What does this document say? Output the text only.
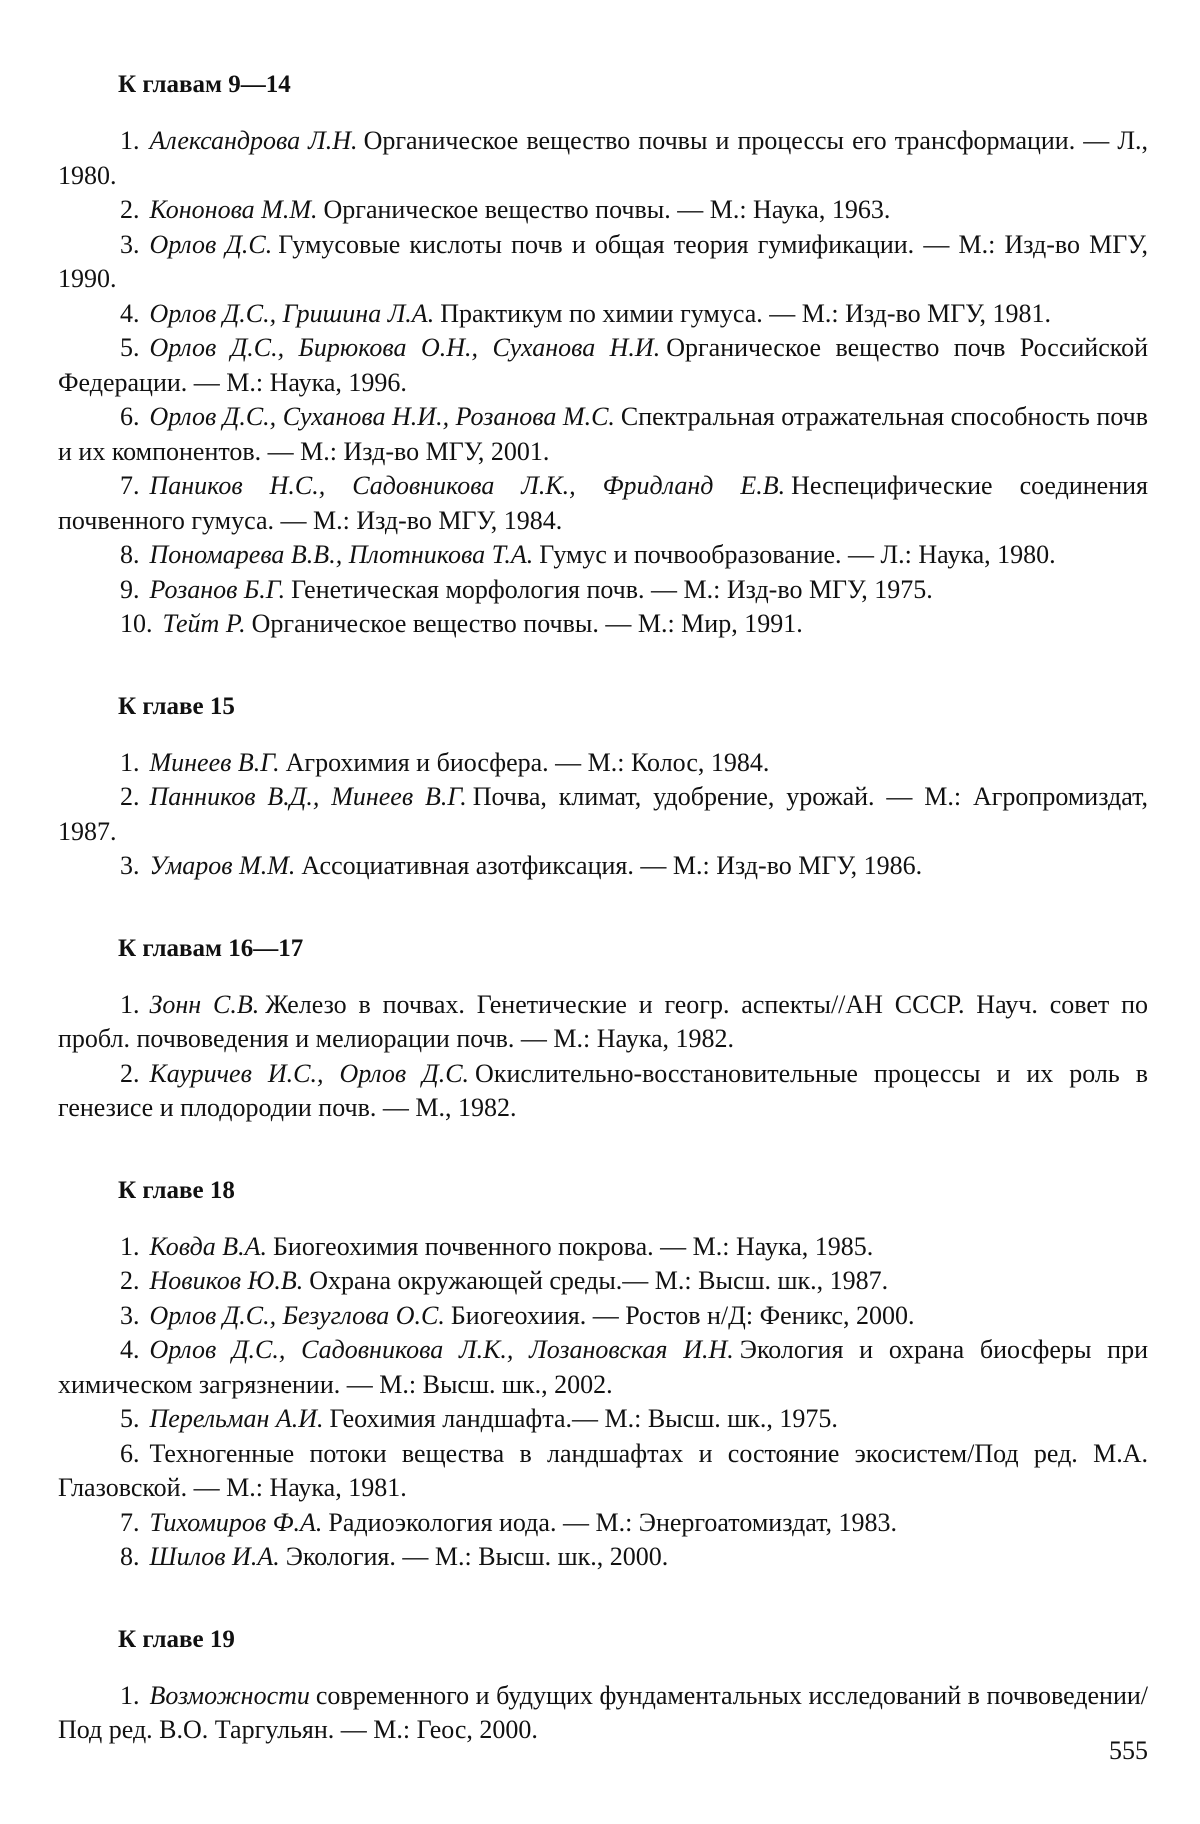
К главам 9—14

1. Александрова Л.Н. Органическое вещество почвы и процессы его трансформации. — Л., 1980.

2. Кононова М.М. Органическое вещество почвы. — М.: Наука, 1963.

3. Орлов Д.С. Гумусовые кислоты почв и общая теория гумификации. — М.: Изд-во МГУ, 1990.

4. Орлов Д.С., Гришина Л.А. Практикум по химии гумуса. — М.: Изд-во МГУ, 1981.

5. Орлов Д.С., Бирюкова О.Н., Суханова Н.И. Органическое вещество почв Российской Федерации. — М.: Наука, 1996.

6. Орлов Д.С., Суханова Н.И., Розанова М.С. Спектральная отражательная способность почв и их компонентов. — М.: Изд-во МГУ, 2001.

7. Паников Н.С., Садовникова Л.К., Фридланд Е.В. Неспецифические соединения почвенного гумуса. — М.: Изд-во МГУ, 1984.

8. Пономарева В.В., Плотникова Т.А. Гумус и почвообразование. — Л.: Наука, 1980.

9. Розанов Б.Г. Генетическая морфология почв. — М.: Изд-во МГУ, 1975.

10. Тейт Р. Органическое вещество почвы. — М.: Мир, 1991.

К главе 15

1. Минеев В.Г. Агрохимия и биосфера. — М.: Колос, 1984.

2. Панников В.Д., Минеев В.Г. Почва, климат, удобрение, урожай. — М.: Агропромиздат, 1987.

3. Умаров М.М. Ассоциативная азотфиксация. — М.: Изд-во МГУ, 1986.

К главам 16—17

1. Зонн С.В. Железо в почвах. Генетические и геогр. аспекты//АН СССР. Науч. совет по пробл. почвоведения и мелиорации почв. — М.: Наука, 1982.

2. Кауричев И.С., Орлов Д.С. Окислительно-восстановительные процессы и их роль в генезисе и плодородии почв. — М., 1982.

К главе 18

1. Ковда В.А. Биогеохимия почвенного покрова. — М.: Наука, 1985.

2. Новиков Ю.В. Охрана окружающей среды.— М.: Высш. шк., 1987.

3. Орлов Д.С., Безуглова О.С. Биогеохиия. — Ростов н/Д: Феникс, 2000.

4. Орлов Д.С., Садовникова Л.К., Лозановская И.Н. Экология и охрана биосферы при химическом загрязнении. — М.: Высш. шк., 2002.

5. Перельман А.И. Геохимия ландшафта.— М.: Высш. шк., 1975.

6. Техногенные потоки вещества в ландшафтах и состояние экосистем/Под ред. М.А. Глазовской. — М.: Наука, 1981.

7. Тихомиров Ф.А. Радиоэкология иода. — М.: Энергоатомиздат, 1983.

8. Шилов И.А. Экология. — М.: Высш. шк., 2000.

К главе 19

1. Возможности современного и будущих фундаментальных исследований в почвоведении/Под ред. В.О. Таргульян. — М.: Геос, 2000.

555
